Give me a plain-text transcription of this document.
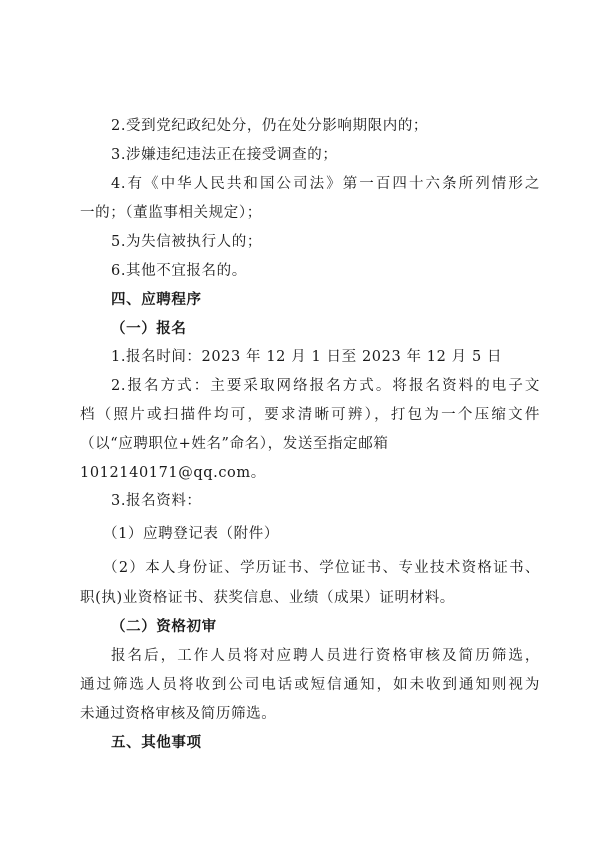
2.受到党纪政纪处分，仍在处分影响期限内的；
3.涉嫌违纪违法正在接受调查的；
4.有《中华人民共和国公司法》第一百四十六条所列情形之
一的；（董监事相关规定）；
5.为失信被执行人的；
6.其他不宜报名的。
四、应聘程序
（一）报名
1.报名时间：2023 年 12 月 1 日至 2023 年 12 月 5 日
2.报名方式：主要采取网络报名方式。将报名资料的电子文
档（照片或扫描件均可，要求清晰可辨），打包为一个压缩文件
（以“应聘职位+姓名”命名），发送至指定邮箱
1012140171@qq.com。
3.报名资料：
（1）应聘登记表（附件）
（2）本人身份证、学历证书、学位证书、专业技术资格证书、
职(执)业资格证书、获奖信息、业绩（成果）证明材料。
（二）资格初审
报名后，工作人员将对应聘人员进行资格审核及简历筛选，
通过筛选人员将收到公司电话或短信通知，如未收到通知则视为
未通过资格审核及简历筛选。
五、其他事项
